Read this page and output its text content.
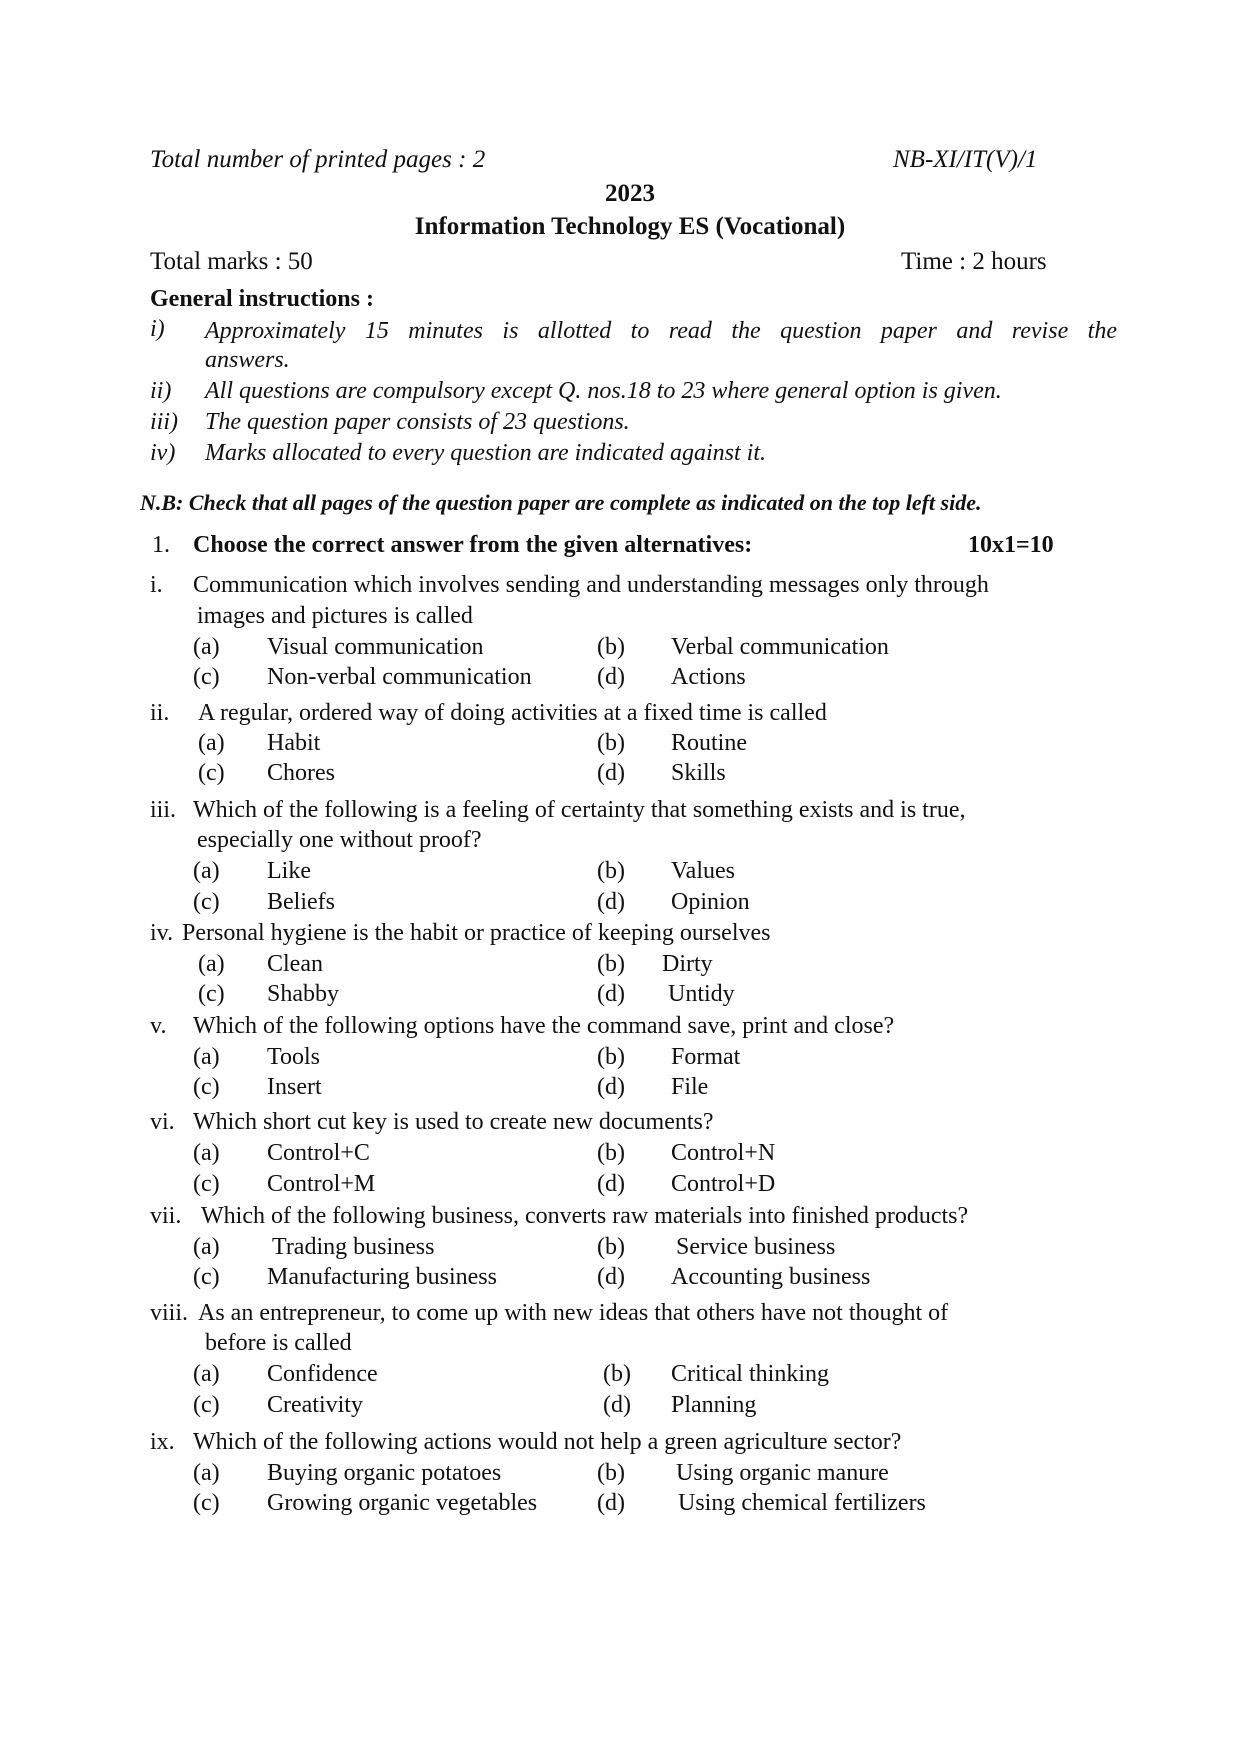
Total number of printed pages : 2	NB-XI/IT(V)/1
2023
Information Technology ES (Vocational)
Total marks : 50	Time : 2 hours
General instructions :
i) Approximately 15 minutes is allotted to read the question paper and revise the
answers.
ii) All questions are compulsory except Q. nos.18 to 23 where general option is given.
iii) The question paper consists of 23 questions.
iv) Marks allocated to every question are indicated against it.
N.B: Check that all pages of the question paper are complete as indicated on the top left side.
1. Choose the correct answer from the given alternatives:	10x1=10
i. Communication which involves sending and understanding messages only through
images and pictures is called
(a) Visual communication	(b) Verbal communication
(c) Non-verbal communication	(d) Actions
ii. A regular, ordered way of doing activities at a fixed time is called
(a) Habit	(b) Routine
(c) Chores	(d) Skills
iii. Which of the following is a feeling of certainty that something exists and is true,
especially one without proof?
(a) Like	(b) Values
(c) Beliefs	(d) Opinion
iv. Personal hygiene is the habit or practice of keeping ourselves
(a) Clean	(b) Dirty
(c) Shabby	(d) Untidy
v. Which of the following options have the command save, print and close?
(a) Tools	(b) Format
(c) Insert	(d) File
vi. Which short cut key is used to create new documents?
(a) Control+C	(b) Control+N
(c) Control+M	(d) Control+D
vii. Which of the following business, converts raw materials into finished products?
(a) Trading business	(b) Service business
(c) Manufacturing business	(d) Accounting business
viii. As an entrepreneur, to come up with new ideas that others have not thought of
before is called
(a) Confidence	(b) Critical thinking
(c) Creativity	(d) Planning
ix. Which of the following actions would not help a green agriculture sector?
(a) Buying organic potatoes	(b) Using organic manure
(c) Growing organic vegetables (d) Using chemical fertilizers
